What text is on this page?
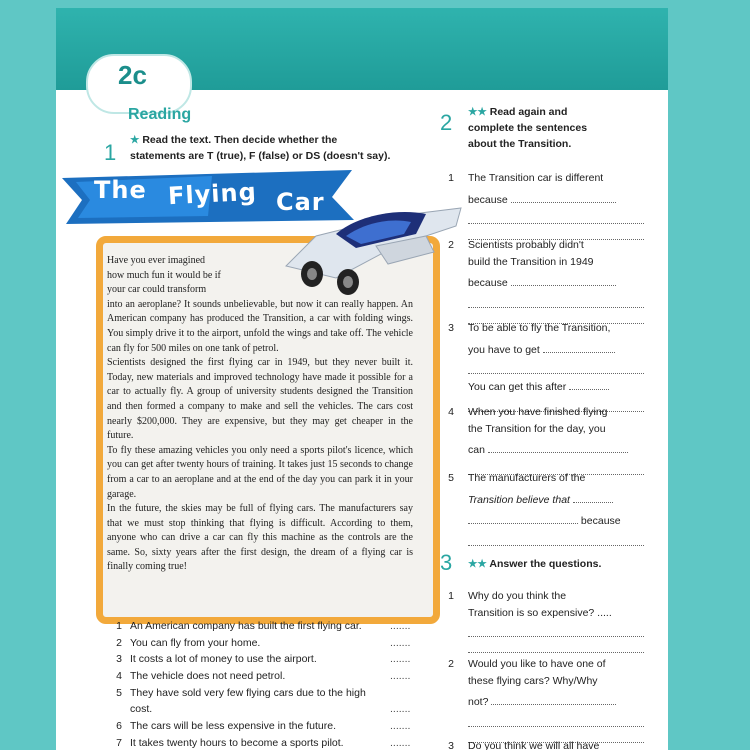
2c
Reading
1 ★ Read the text. Then decide whether the
statements are T (true), F (false) or DS (doesn't say).
The Flying Car

Have you ever imagined

how much fun it would be if

your car could transform

into an aeroplane? It sounds unbelievable, but now it can really happen. An American company has produced the Transition, a car with folding wings. You simply drive it to the airport, unfold the wings and take off. The vehicle can fly for 500 miles on one tank of petrol.

Scientists designed the first flying car in 1949, but they never built it. Today, new materials and improved technology have made it possible for a car to actually fly. A group of university students designed the Transition and then formed a company to make and sell the vehicles. The cars cost nearly $200,000. They are expensive, but they may get cheaper in the future.

To fly these amazing vehicles you only need a sports pilot's licence, which you can get after twenty hours of training. It takes just 15 seconds to change from a car to an aeroplane and at the end of the day you can park it in your garage.

In the future, the skies may be full of flying cars. The manufacturers say that we must stop thinking that flying is difficult. According to them, anyone who can drive a car can fly this machine as the controls are the same. So, sixty years after the first design, the dream of a flying car is finally coming true!

1 An American company has built the first flying car.	.......
2 You can fly from your home.	.......
3 It costs a lot of money to use the airport.	.......
4 The vehicle does not need petrol.	.......
5 They have sold very few flying cars due to the high
cost.	.......
6 The cars will be less expensive in the future.	.......
7 It takes twenty hours to become a sports pilot.	.......
2 ★★ Read again and
complete the sentences
about the Transition.
1 The Transition car is different
because
2 Scientists probably didn't
build the Transition in 1949
because
3 To be able to fly the Transition,
you have to get
You can get this after
4 When you have finished flying
the Transition for the day, you
can
5 The manufacturers of the
Transition believe that
because
3 ★★ Answer the questions.
1 Why do you think the
Transition is so expensive? .....
2 Would you like to have one of
these flying cars? Why/Why
not?
3 Do you think we will all have
